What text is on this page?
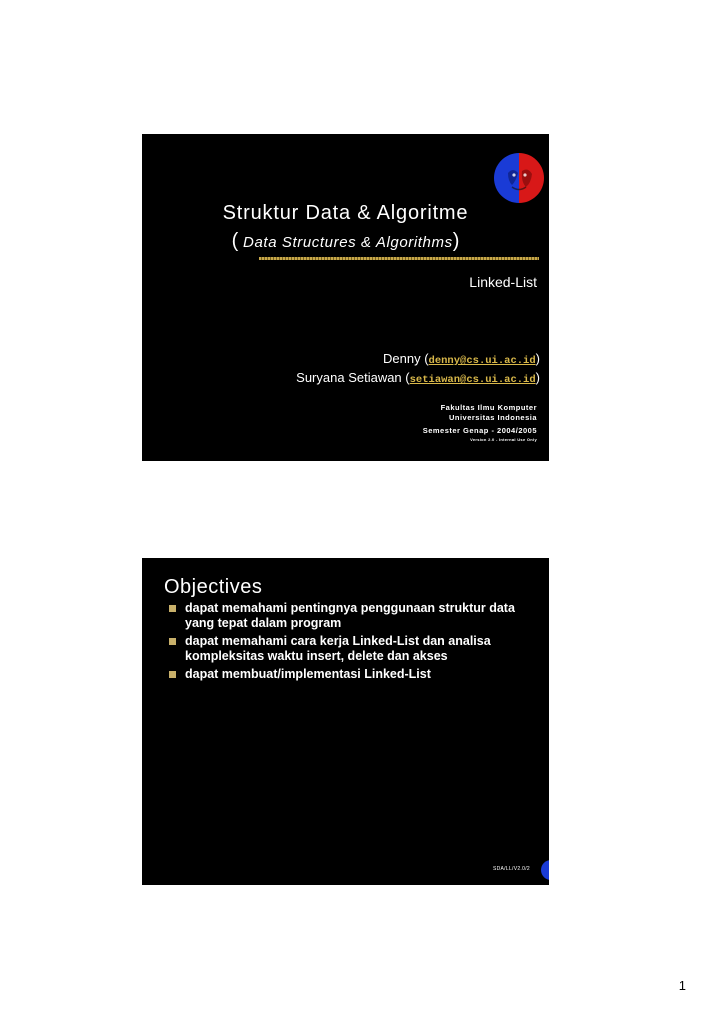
Struktur Data & Algoritme
( Data Structures & Algorithms)
Linked-List
Denny (denny@cs.ui.ac.id)
Suryana Setiawan (setiawan@cs.ui.ac.id)
Fakultas Ilmu Komputer
Universitas Indonesia
Semester Genap - 2004/2005
Version 2.0 - Internal Use Only
Objectives
dapat memahami pentingnya penggunaan struktur data yang tepat dalam program
dapat memahami cara kerja Linked-List dan analisa kompleksitas waktu insert, delete dan akses
dapat membuat/implementasi Linked-List
SDA/LL/V2.0/2
1
